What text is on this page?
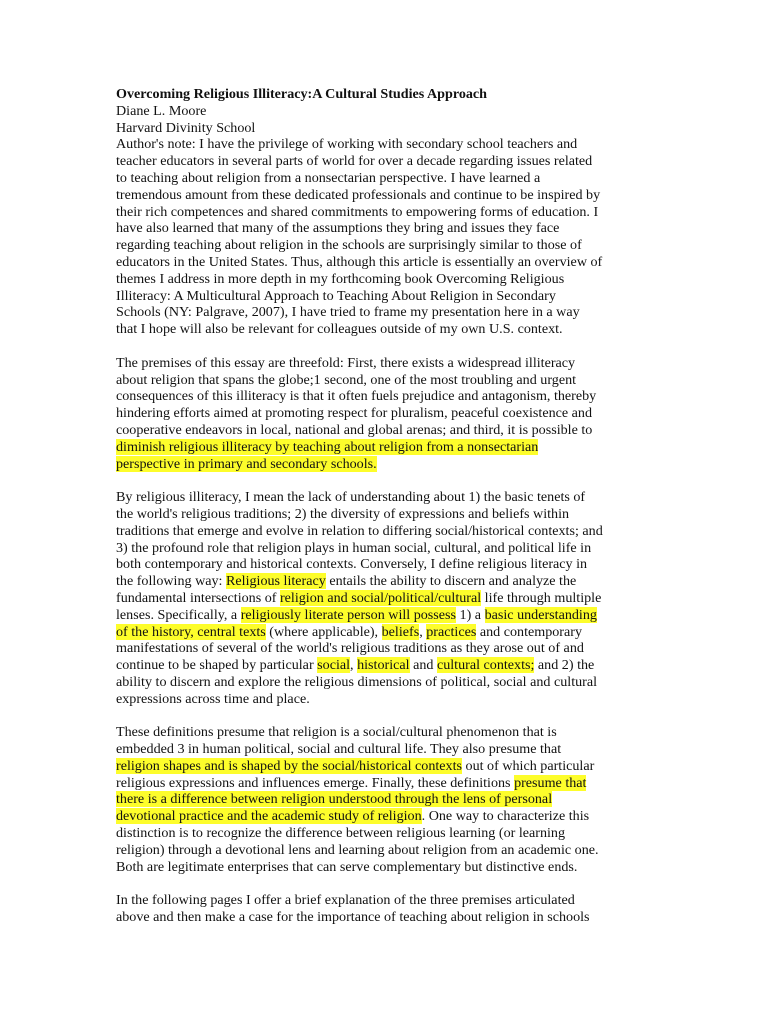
Overcoming Religious Illiteracy:A Cultural Studies Approach
Diane L. Moore
Harvard Divinity School
Author's note: I have the privilege of working with secondary school teachers and
teacher educators in several parts of world for over a decade regarding issues related
to teaching about religion from a nonsectarian perspective. I have learned a
tremendous amount from these dedicated professionals and continue to be inspired by
their rich competences and shared commitments to empowering forms of education. I
have also learned that many of the assumptions they bring and issues they face
regarding teaching about religion in the schools are surprisingly similar to those of
educators in the United States. Thus, although this article is essentially an overview of
themes I address in more depth in my forthcoming book Overcoming Religious
Illiteracy: A Multicultural Approach to Teaching About Religion in Secondary
Schools (NY: Palgrave, 2007), I have tried to frame my presentation here in a way
that I hope will also be relevant for colleagues outside of my own U.S. context.
The premises of this essay are threefold: First, there exists a widespread illiteracy
about religion that spans the globe;1 second, one of the most troubling and urgent
consequences of this illiteracy is that it often fuels prejudice and antagonism, thereby
hindering efforts aimed at promoting respect for pluralism, peaceful coexistence and
cooperative endeavors in local, national and global arenas; and third, it is possible to
diminish religious illiteracy by teaching about religion from a nonsectarian
perspective in primary and secondary schools.
By religious illiteracy, I mean the lack of understanding about 1) the basic tenets of
the world's religious traditions; 2) the diversity of expressions and beliefs within
traditions that emerge and evolve in relation to differing social/historical contexts; and
3) the profound role that religion plays in human social, cultural, and political life in
both contemporary and historical contexts. Conversely, I define religious literacy in
the following way: Religious literacy entails the ability to discern and analyze the
fundamental intersections of religion and social/political/cultural life through multiple
lenses. Specifically, a religiously literate person will possess 1) a basic understanding
of the history, central texts (where applicable), beliefs, practices and contemporary
manifestations of several of the world's religious traditions as they arose out of and
continue to be shaped by particular social, historical and cultural contexts; and 2) the
ability to discern and explore the religious dimensions of political, social and cultural
expressions across time and place.
These definitions presume that religion is a social/cultural phenomenon that is
embedded 3 in human political, social and cultural life. They also presume that
religion shapes and is shaped by the social/historical contexts out of which particular
religious expressions and influences emerge. Finally, these definitions presume that
there is a difference between religion understood through the lens of personal
devotional practice and the academic study of religion. One way to characterize this
distinction is to recognize the difference between religious learning (or learning
religion) through a devotional lens and learning about religion from an academic one.
Both are legitimate enterprises that can serve complementary but distinctive ends.
In the following pages I offer a brief explanation of the three premises articulated
above and then make a case for the importance of teaching about religion in schools
